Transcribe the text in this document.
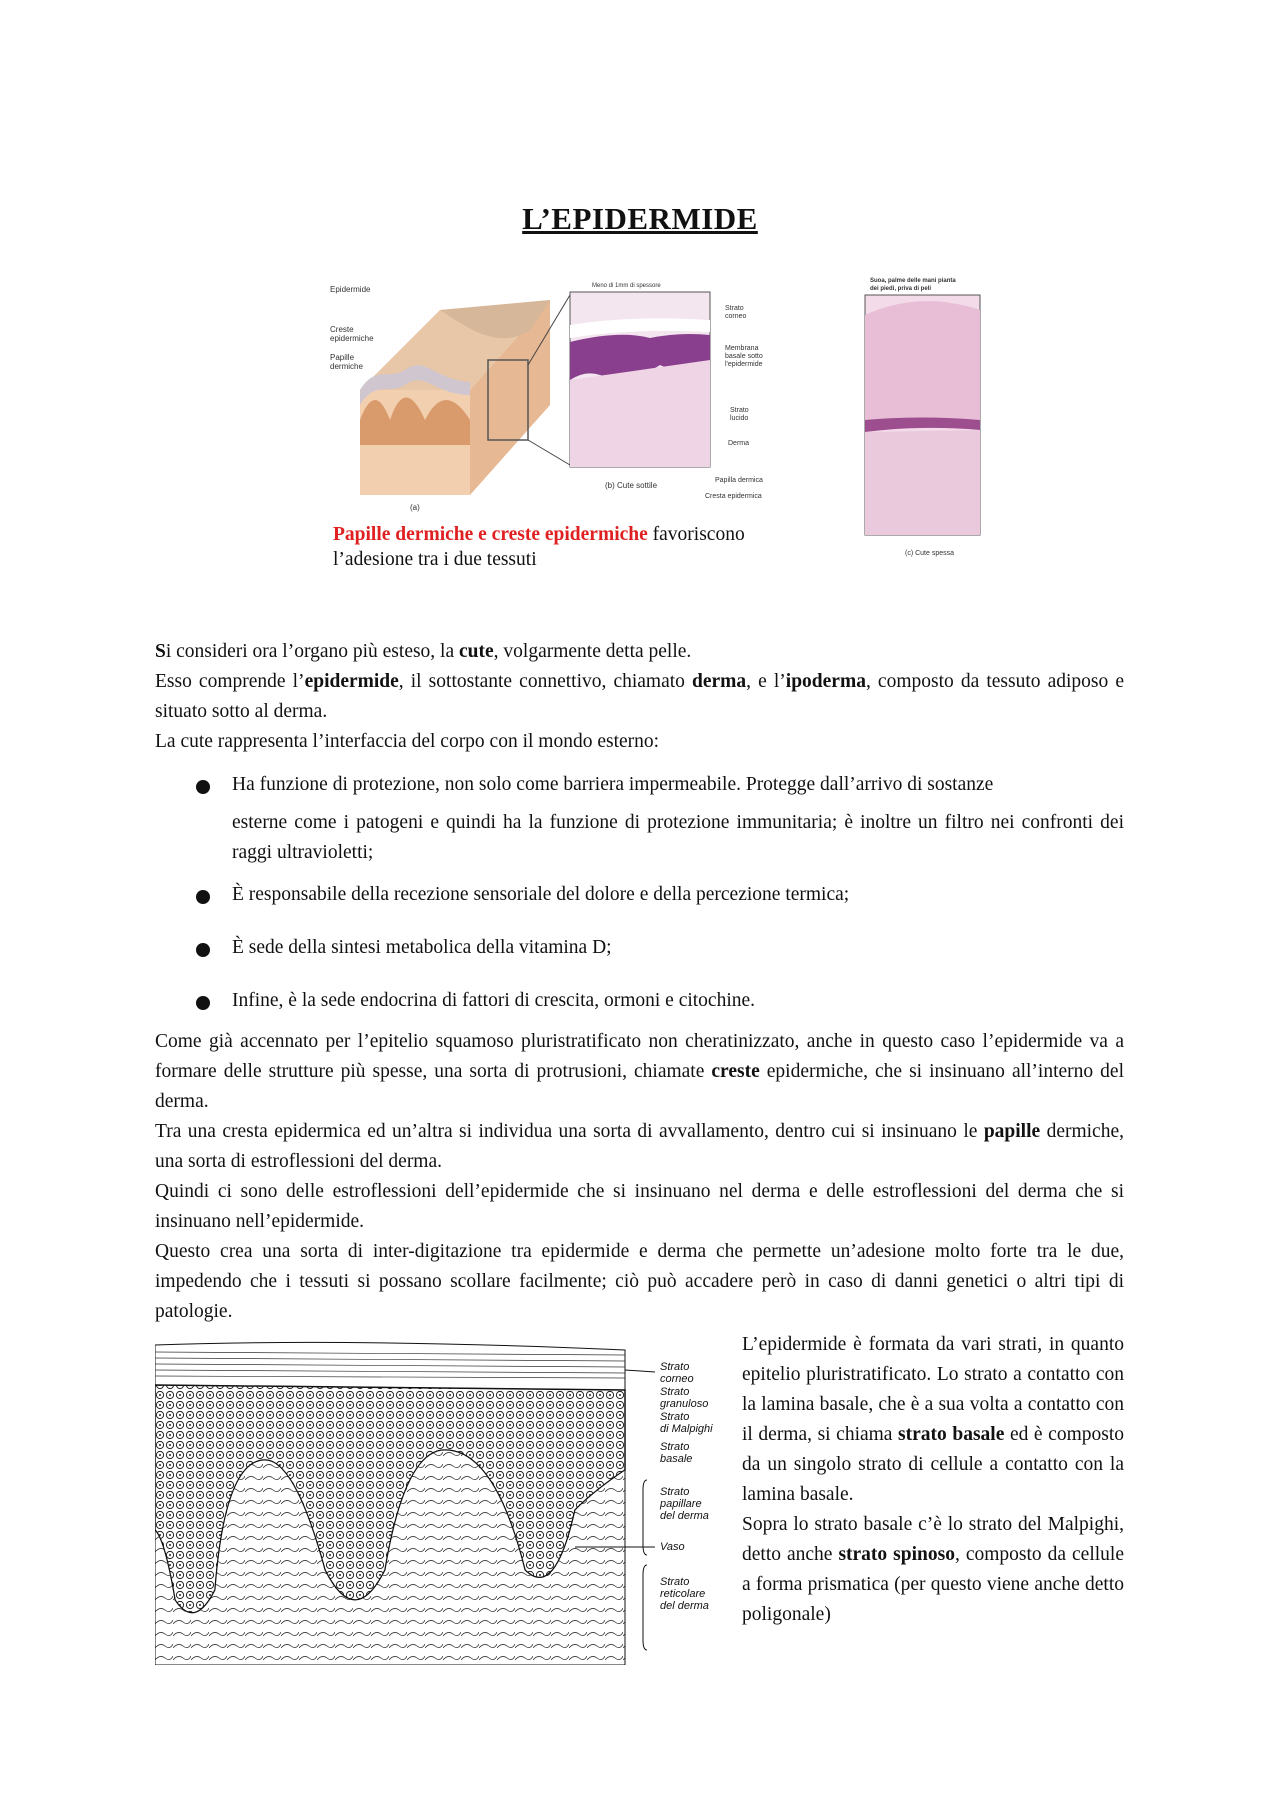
L’EPIDERMIDE
Epidermide
Creste
epidermiche
Papille
dermiche
(a)
Meno di 1mm di spessore
(b) Cute sottile
Strato
corneo
Membrana
basale sotto
l'epidermide
Strato
lucido
Derma
Papilla dermica
Cresta epidermica
Suoa, palme delle mani pianta
dei piedi, priva di peli
(c) Cute spessa
Papille dermiche e creste epidermiche favoriscono
l’adesione tra i due tessuti

Si consideri ora l’organo più esteso, la cute, volgarmente detta pelle.

Esso comprende l’epidermide, il sottostante connettivo, chiamato derma, e l’ipoderma, composto da tessuto adiposo e situato sotto al derma.

La cute rappresenta l’interfaccia del corpo con il mondo esterno:

Ha funzione di protezione, non solo come barriera impermeabile. Protegge dall’arrivo di sostanze
esterne come i patogeni e quindi ha la funzione di protezione immunitaria; è inoltre un filtro nei confronti dei raggi ultravioletti;
È responsabile della recezione sensoriale del dolore e della percezione termica;
È sede della sintesi metabolica della vitamina D;
Infine, è la sede endocrina di fattori di crescita, ormoni e citochine.

Come già accennato per l’epitelio squamoso pluristratificato non cheratinizzato, anche in questo caso l’epidermide va a formare delle strutture più spesse, una sorta di protrusioni, chiamate creste epidermiche, che si insinuano all’interno del derma.

Tra una cresta epidermica ed un’altra si individua una sorta di avvallamento, dentro cui si insinuano le papille dermiche, una sorta di estroflessioni del derma.

Quindi ci sono delle estroflessioni dell’epidermide che si insinuano nel derma e delle estroflessioni del derma che si insinuano nell’epidermide.

Questo crea una sorta di inter-digitazione tra epidermide e derma che permette un’adesione molto forte tra le due, impedendo che i tessuti si possano scollare facilmente; ciò può accadere però in caso di danni genetici o altri tipi di patologie.

Strato
corneo
Strato
granuloso
Strato
di Malpighi
Strato
basale
Strato
papillare
del derma
Vaso
Strato
reticolare
del derma
L’epidermide è formata da vari strati, in quanto epitelio pluristratificato. Lo strato a contatto con la lamina basale, che è a sua volta a contatto con il derma, si chiama strato basale ed è composto da un singolo strato di cellule a contatto con la lamina basale.
Sopra lo strato basale c’è lo strato del Malpighi, detto anche strato spinoso, composto da cellule a forma prismatica (per questo viene anche detto poligonale)
